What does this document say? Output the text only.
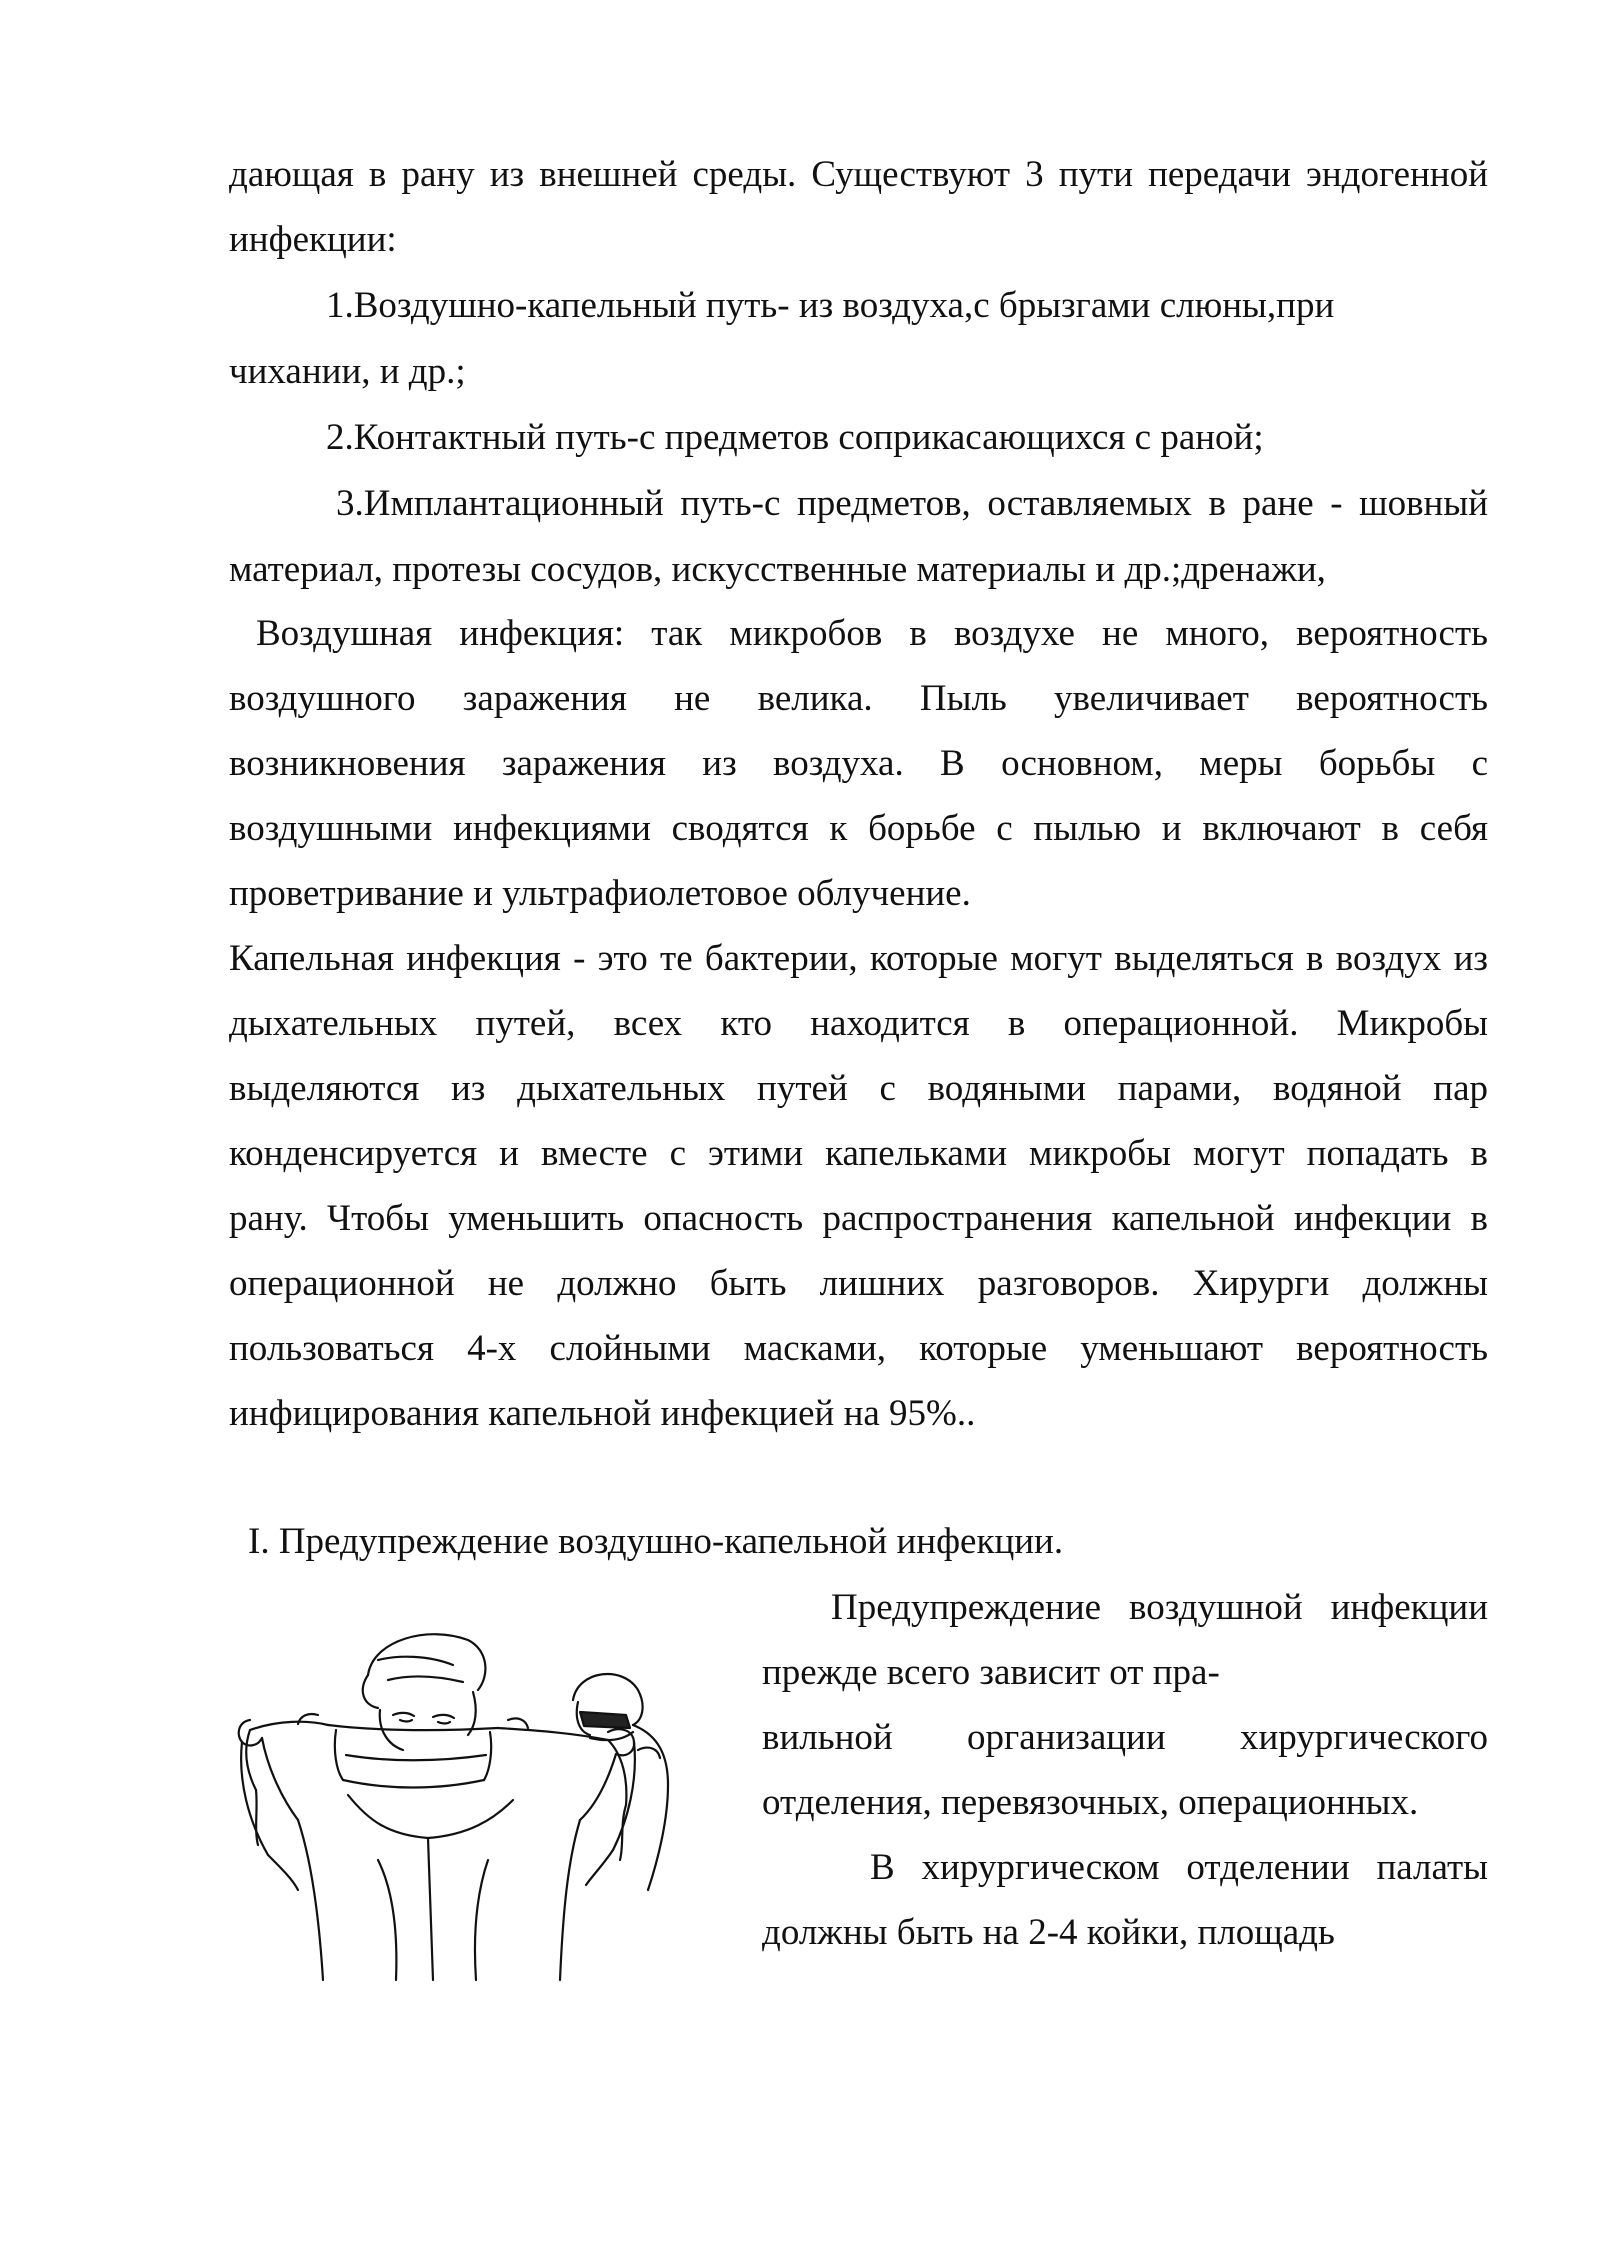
дающая в рану из внешней среды. Существуют 3 пути передачи эндогенной
инфекции:
1.Воздушно-капельный путь- из воздуха,с брызгами слюны,при
чихании, и др.;
2.Контактный путь-с предметов соприкасающихся с раной;
3.Имплантационный путь-с предметов, оставляемых в ране - шовный
материал, протезы сосудов, искусственные материалы и др.;дренажи,
Воздушная инфекция: так микробов в воздухе не много, вероятность
воздушного заражения не велика. Пыль увеличивает вероятность
возникновения заражения из воздуха. В основном, меры борьбы с
воздушными инфекциями сводятся к борьбе с пылью и включают в себя
проветривание и ультрафиолетовое облучение.
Капельная инфекция - это те бактерии, которые могут выделяться в воздух из
дыхательных путей, всех кто находится в операционной. Микробы
выделяются из дыхательных путей с водяными парами, водяной пар
конденсируется и вместе с этими капельками микробы могут попадать в
рану. Чтобы уменьшить опасность распространения капельной инфекции в
операционной не должно быть лишних разговоров. Хирурги должны
пользоваться 4-х слойными масками, которые уменьшают вероятность
инфицирования капельной инфекцией на 95%..
I. Предупреждение воздушно-капельной инфекции.
Предупреждение воздушной инфекции
прежде всего зависит от пра-
вильной организации хирургического
отделения, перевязочных, операционных.
В хирургическом отделении палаты
должны быть на 2-4 койки, площадь
